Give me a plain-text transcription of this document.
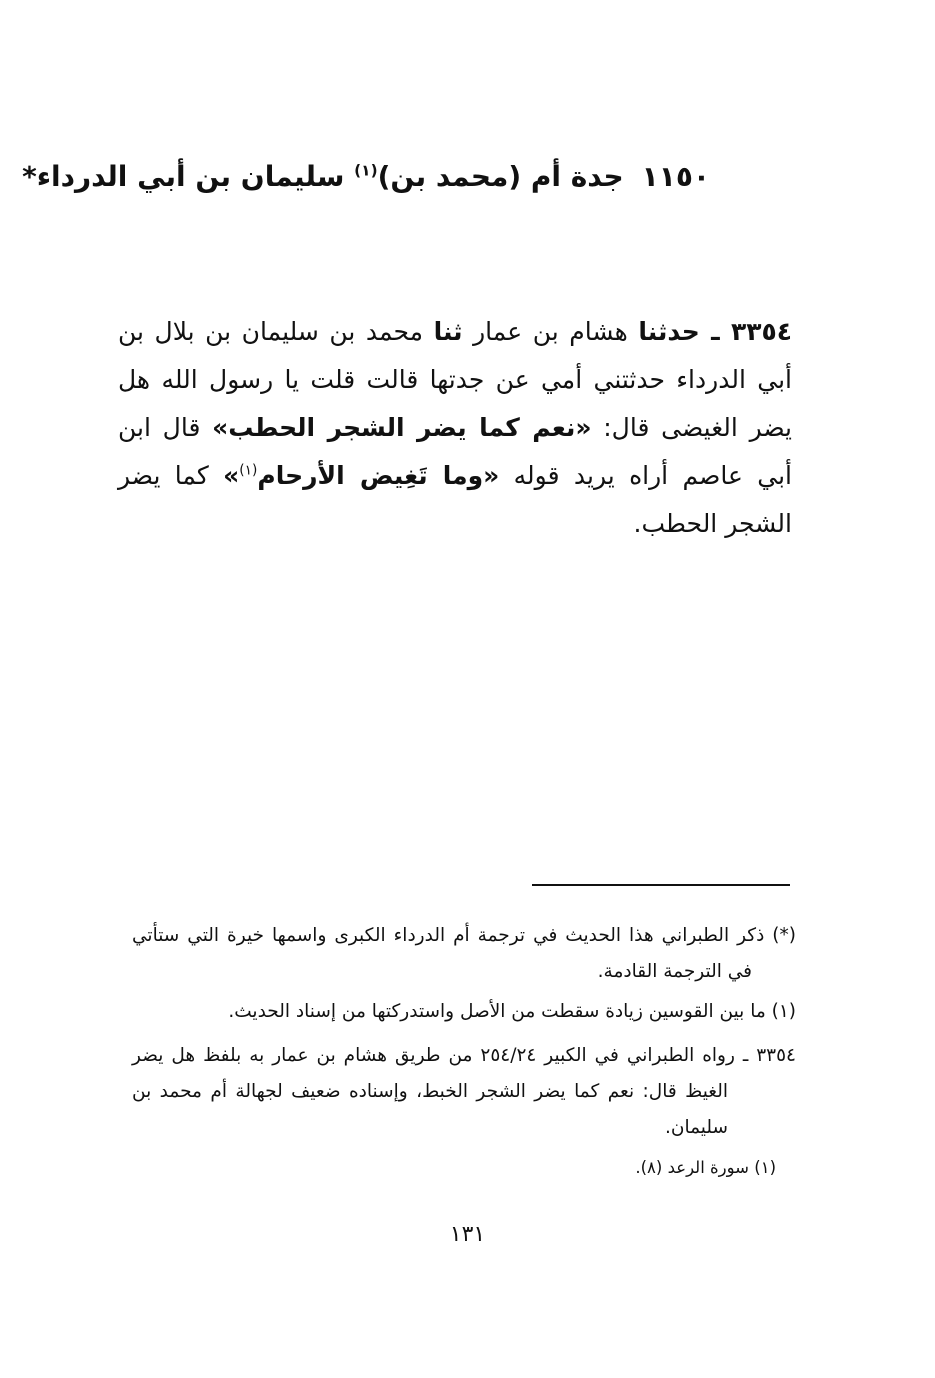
١١٥٠جدة أم (محمد بن)$^{(١)}$ سليمان بن أبي الدرداء*
٣٣٥٤ ـ حدثنا هشام بن عمار ثنا محمد بن سليمان بن بلال بن أبي الدرداء حدثتني أمي عن جدتها قالت قلت يا رسول الله هل يضر الغيضى قال: «نعم كما يضر الشجر الحطب» قال ابن أبي عاصم أراه يريد قوله «وما تَغِيض الأرحام$^{(١)}$» كما يضر الشجر الحطب.

(*) ذكر الطبراني هذا الحديث في ترجمة أم الدرداء الكبرى واسمها خيرة التي ستأتي في الترجمة القادمة.

(١) ما بين القوسين زيادة سقطت من الأصل واستدركتها من إسناد الحديث.

٣٣٥٤ ـ رواه الطبراني في الكبير ٢٥٤/٢٤ من طريق هشام بن عمار به بلفظ هل يضر الغيظ قال: نعم كما يضر الشجر الخبط، وإسناده ضعيف لجهالة أم محمد بن سليمان.

(١) سورة الرعد (٨).

١٣١
